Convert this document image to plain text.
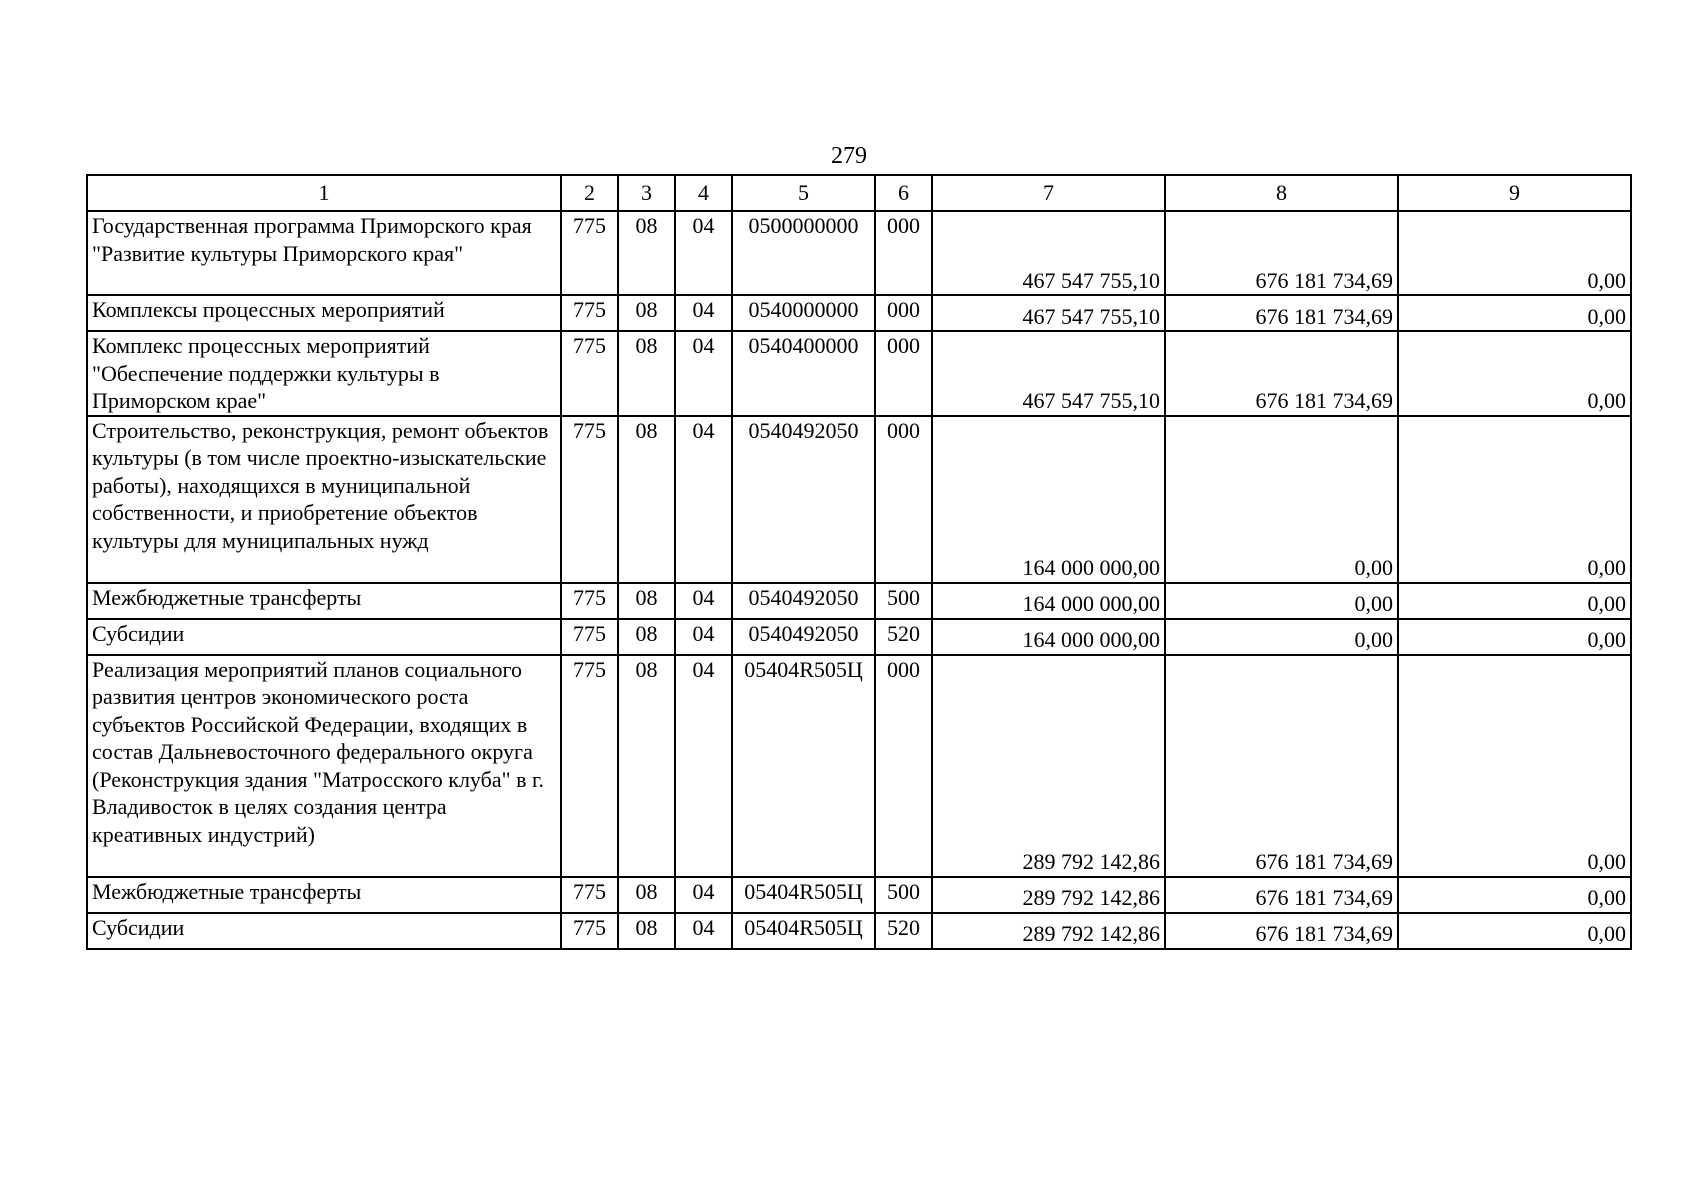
279
1	2	3	4	5	6	7	8	9
Государственная программа Приморского края "Развитие культуры Приморского края"	775	08	04	0500000000	000	467 547 755,10	676 181 734,69	0,00
Комплексы процессных мероприятий	775	08	04	0540000000	000	467 547 755,10	676 181 734,69	0,00
Комплекс процессных мероприятий "Обеспечение поддержки культуры в Приморском крае"	775	08	04	0540400000	000	467 547 755,10	676 181 734,69	0,00
Строительство, реконструкция, ремонт объектов культуры (в том числе проектно-изыскательские работы), находящихся в муниципальной собственности, и приобретение объектов культуры для муниципальных нужд	775	08	04	0540492050	000	164 000 000,00	0,00	0,00
Межбюджетные трансферты	775	08	04	0540492050	500	164 000 000,00	0,00	0,00
Субсидии	775	08	04	0540492050	520	164 000 000,00	0,00	0,00
Реализация мероприятий планов социального развития центров экономического роста субъектов Российской Федерации, входящих в состав Дальневосточного федерального округа (Реконструкция здания "Матросского клуба" в г. Владивосток в целях создания центра креативных индустрий)	775	08	04	05404R505Ц	000	289 792 142,86	676 181 734,69	0,00
Межбюджетные трансферты	775	08	04	05404R505Ц	500	289 792 142,86	676 181 734,69	0,00
Субсидии	775	08	04	05404R505Ц	520	289 792 142,86	676 181 734,69	0,00
